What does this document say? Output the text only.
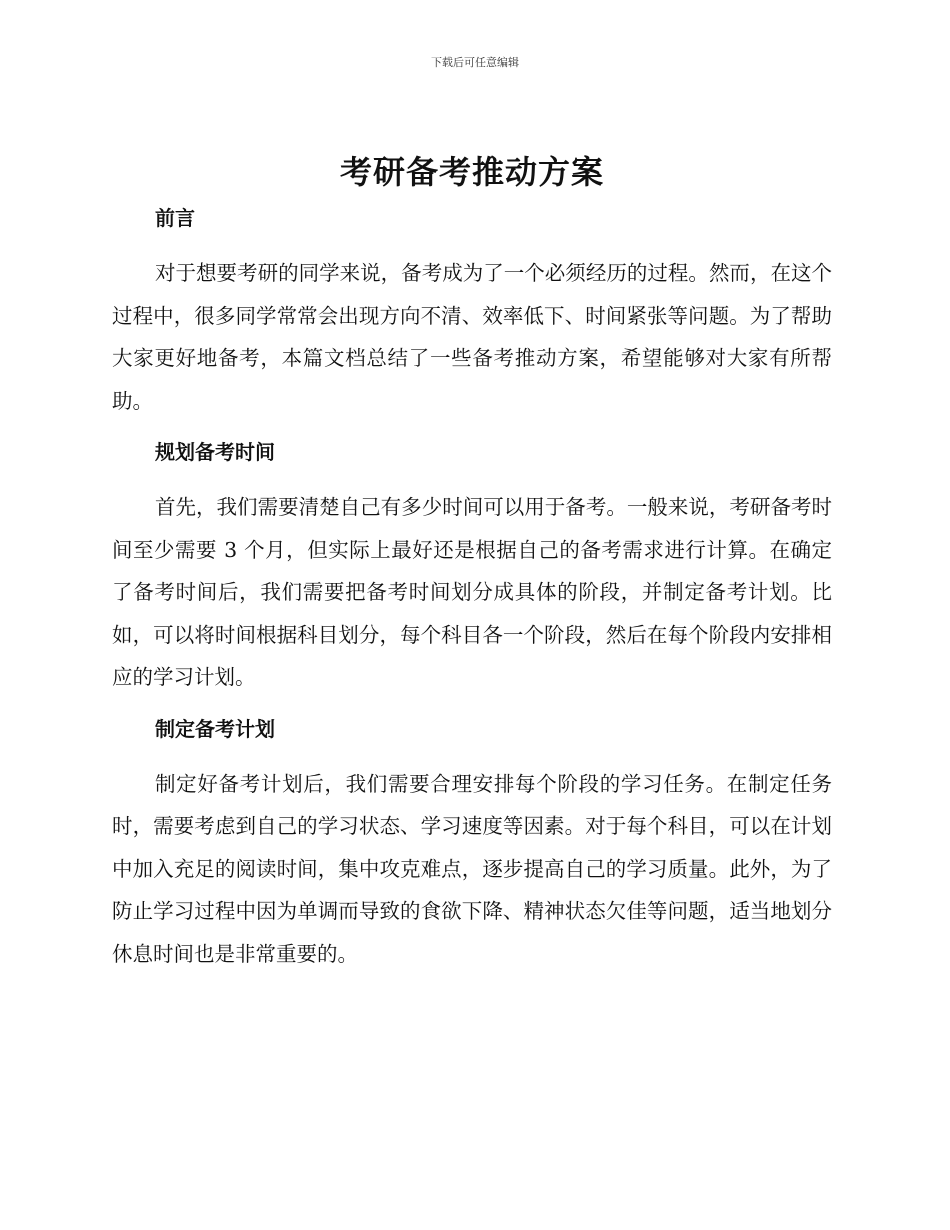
下载后可任意编辑
考研备考推动方案
前言

对于想要考研的同学来说，备考成为了一个必须经历的过程。然而，在这个过程中，很多同学常常会出现方向不清、效率低下、时间紧张等问题。为了帮助大家更好地备考，本篇文档总结了一些备考推动方案，希望能够对大家有所帮助。

规划备考时间

首先，我们需要清楚自己有多少时间可以用于备考。一般来说，考研备考时间至少需要 3 个月，但实际上最好还是根据自己的备考需求进行计算。在确定了备考时间后，我们需要把备考时间划分成具体的阶段，并制定备考计划。比如，可以将时间根据科目划分，每个科目各一个阶段，然后在每个阶段内安排相应的学习计划。

制定备考计划

制定好备考计划后，我们需要合理安排每个阶段的学习任务。在制定任务时，需要考虑到自己的学习状态、学习速度等因素。对于每个科目，可以在计划中加入充足的阅读时间，集中攻克难点，逐步提高自己的学习质量。此外，为了防止学习过程中因为单调而导致的食欲下降、精神状态欠佳等问题，适当地划分休息时间也是非常重要的。
